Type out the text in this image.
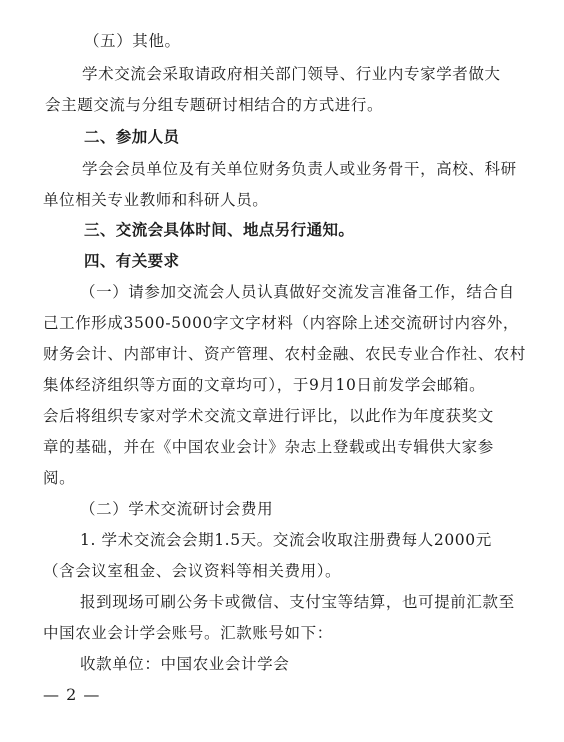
（五）其他。
学术交流会采取请政府相关部门领导、行业内专家学者做大
会主题交流与分组专题研讨相结合的方式进行。
二、参加人员
学会会员单位及有关单位财务负责人或业务骨干，高校、科研
单位相关专业教师和科研人员。
三、交流会具体时间、地点另行通知。
四、有关要求
（一）请参加交流会人员认真做好交流发言准备工作，结合自
己工作形成3500-5000字文字材料（内容除上述交流研讨内容外，
财务会计、内部审计、资产管理、农村金融、农民专业合作社、农村
集体经济组织等方面的文章均可），于9月10日前发学会邮箱。
会后将组织专家对学术交流文章进行评比，以此作为年度获奖文
章的基础，并在《中国农业会计》杂志上登载或出专辑供大家参
阅。
（二）学术交流研讨会费用
1. 学术交流会会期1.5天。交流会收取注册费每人2000元
（含会议室租金、会议资料等相关费用）。
报到现场可刷公务卡或微信、支付宝等结算，也可提前汇款至
中国农业会计学会账号。汇款账号如下：
收款单位：中国农业会计学会
— 2 —
